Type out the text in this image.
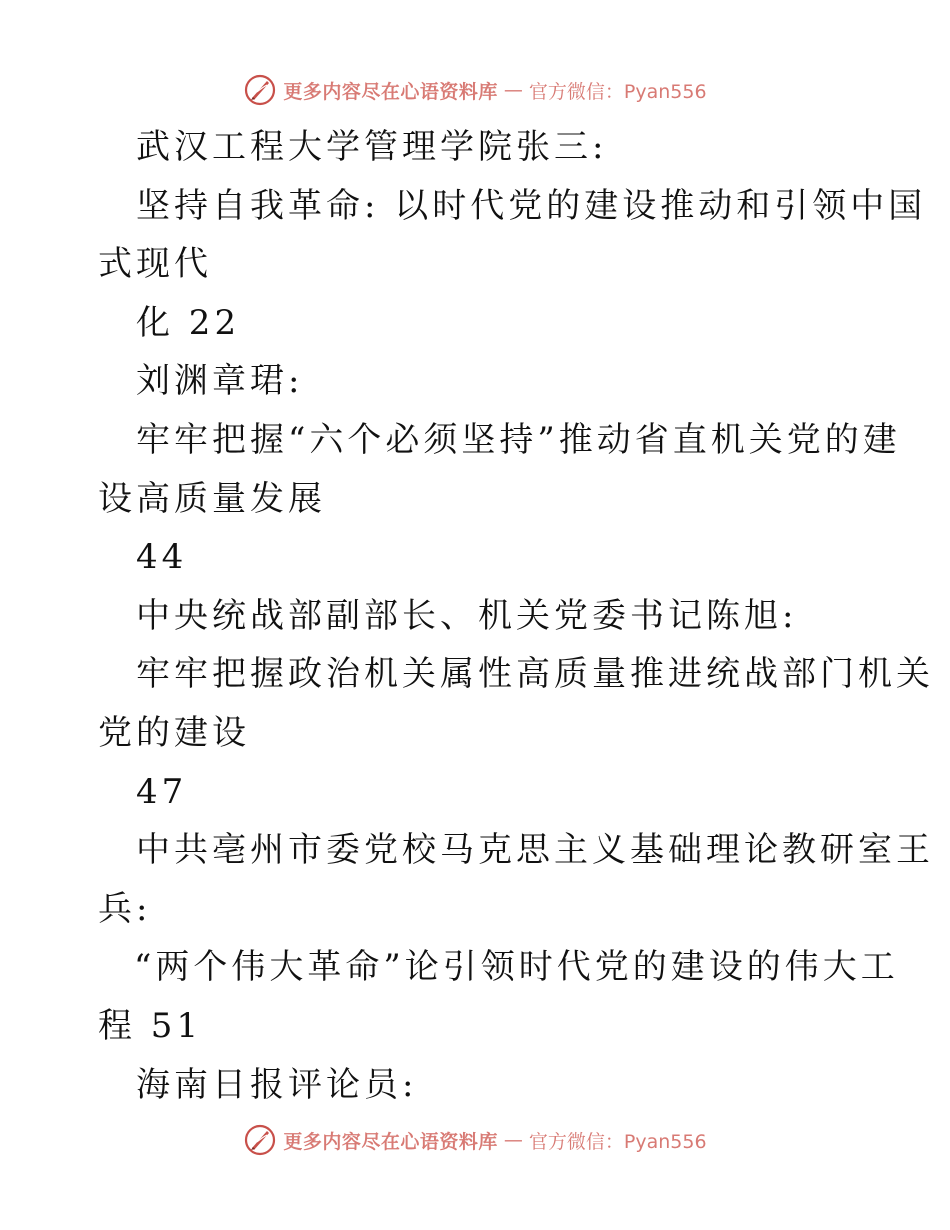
更多内容尽在心语资料库 — 官方微信：Pyan556
武汉工程大学管理学院张三:
坚持自我革命: 以时代党的建设推动和引领中国
式现代
化 22
刘渊章珺:
牢牢把握“六个必须坚持”推动省直机关党的建
设高质量发展
44
中央统战部副部长、机关党委书记陈旭:
牢牢把握政治机关属性高质量推进统战部门机关
党的建设
47
中共亳州市委党校马克思主义基础理论教研室王
兵:
“两个伟大革命”论引领时代党的建设的伟大工
程 51
海南日报评论员:
更多内容尽在心语资料库 — 官方微信：Pyan556
